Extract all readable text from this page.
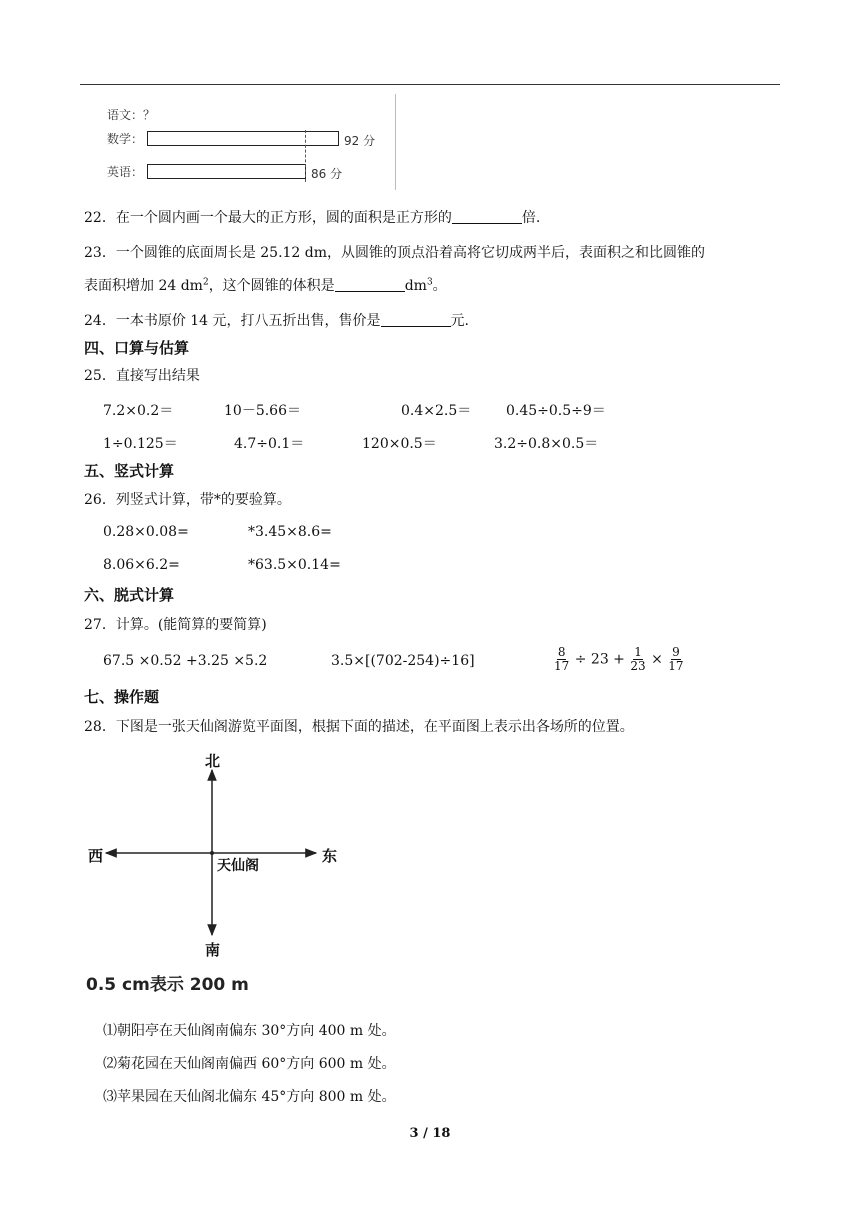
语文：？
数学：	92 分
英语：	86 分
22．在一个圆内画一个最大的正方形，圆的面积是正方形的	倍.
23．一个圆锥的底面周长是 25.12 dm，从圆锥的顶点沿着高将它切成两半后，表面积之和比圆锥的
表面积增加 24 $dm^2$，这个圆锥的体积是	$dm^3$。
24．一本书原价 14 元，打八五折出售，售价是	元.
四、口算与估算
25．直接写出结果
7.2×0.2＝	10－5.66＝	0.4×2.5＝ 0.45÷0.5÷9＝
1÷0.125＝	4.7÷0.1＝	120×0.5＝	3.2÷0.8×0.5＝
五、竖式计算
26．列竖式计算，带*的要验算。
0.28×0.08=	*3.45×8.6=
8.06×6.2=	*63.5×0.14=
六、脱式计算
27．计算。(能简算的要简算)
67.5 ×0.52 +3.25 ×5.2	3.5×[(702-254)÷16]	$\frac{8}{17} \div 23 + \frac{1}{23} \times \frac{9}{17}$
七、操作题
28．下图是一张天仙阁游览平面图，根据下面的描述，在平面图上表示出各场所的位置。
北
南
东
西
天仙阁
0.5 cm表示 200 m
⑴朝阳亭在天仙阁南偏东 30°方向 400 m 处。
⑵菊花园在天仙阁南偏西 60°方向 600 m 处。
⑶苹果园在天仙阁北偏东 45°方向 800 m 处。
3 / 18
